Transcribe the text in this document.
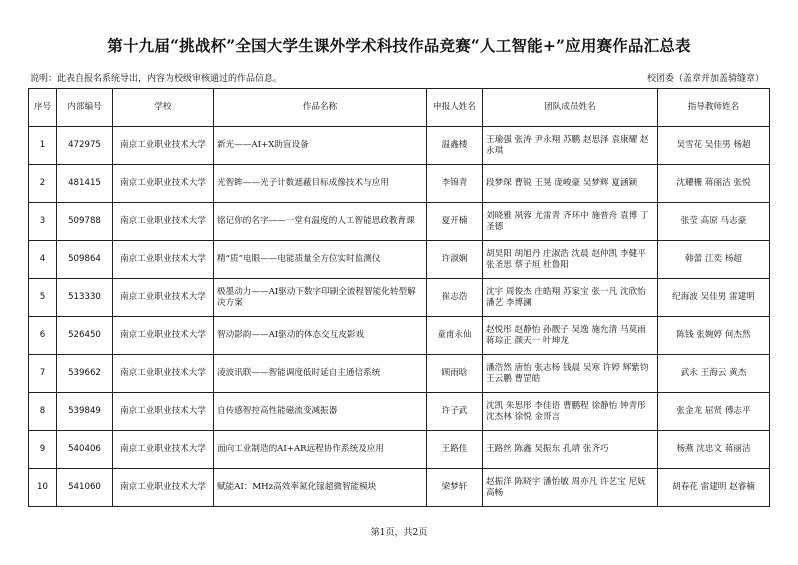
第十九届“挑战杯”全国大学生课外学术科技作品竞赛“人工智能+”应用赛作品汇总表
说明：此表自报名系统导出，内容为校级审核通过的作品信息。	校团委（盖章并加盖骑缝章）
序号	内部编号	学校	作品名称	申报人姓名	团队成员姓名	指导教师姓名
1	472975	南京工业职业技术大学	新光——AI+X助盲设备	温鑫楼	王瑜强 张涛 尹永翔 苏鹏 赵思泽 袁康耀 赵永琪	吴雪花 吴佳男 杨超
2	481415	南京工业职业技术大学	光智眸——光子计数遮蔽目标成像技术与应用	李锦青	段梦琛 曹锐 王晃 庞峻豪 吴梦辉 夏涵颖	沈耀栅 蒋丽洁 张悦
3	509788	南京工业职业技术大学	铭记你的名字——一堂有温度的人工智能思政教育课	夏开楠	刘晓雅 夙蓉 尤雷青 齐环中 施普舟 袁博 丁圣德	张莹 高原 马志豪
4	509864	南京工业职业技术大学	精“质”电眼——电能质量全方位实时监测仪	许淑娴	胡昊阳 胡旭丹 庄淑浩 沈晨 赵仲凯 李健平 张圣思 蔡子垣 杜鲁阳	韩蕾 江奕 杨超
5	513330	南京工业职业技术大学	极墨动力——AI驱动下数字印刷全流程智能化转型解决方案	崔志浩	沈宇 周俊杰 庄皓翔 苏家宝 张一凡 沈欣怡 潘艺 李博澜	纪海波 吴佳男 雷建明
6	526450	南京工业职业技术大学	智动影韵——AI驱动的体态交互皮影戏	童甫永仙	赵悦彤 赵静怡 孙靓子 吴逸 施允清 马莫雨 蒋琮正 颜天一 叶坤龙	陈钱 张婉婷 何杰然
7	539662	南京工业职业技术大学	凌波讯联——智能调度低时延自主通信系统	顾雨晗	潘浩然 唐怡 张志杨 钱晨 吴寒 许婷 辉紫钧 王云鹏 曹罡皓	武永 王海云 黄杰
8	539849	南京工业职业技术大学	自传感智控高性能磁流变减振器	许子武	沈凯 朱思彤 李佳语 曹鹏程 徐静怡 钟青彤 沈杰林 徐悦 金哥言	张金龙 屈贤 傅志平
9	540406	南京工业职业技术大学	面向工业制造的AI+AR远程协作系统及应用	王路佳	王路丝 陈鑫 吴振东 孔靖 张齐巧	杨燕 沈忠文 蒋丽洁
10	541060	南京工业职业技术大学	赋能AI：MHz高效率氮化镓超微智能模块	梁梦轩	赵振洋 陈晓宇 潘怡敏 周亦凡 许艺宝 尼妩 高畅	胡春花 雷建明 赵睿楠
第1页，共2页
